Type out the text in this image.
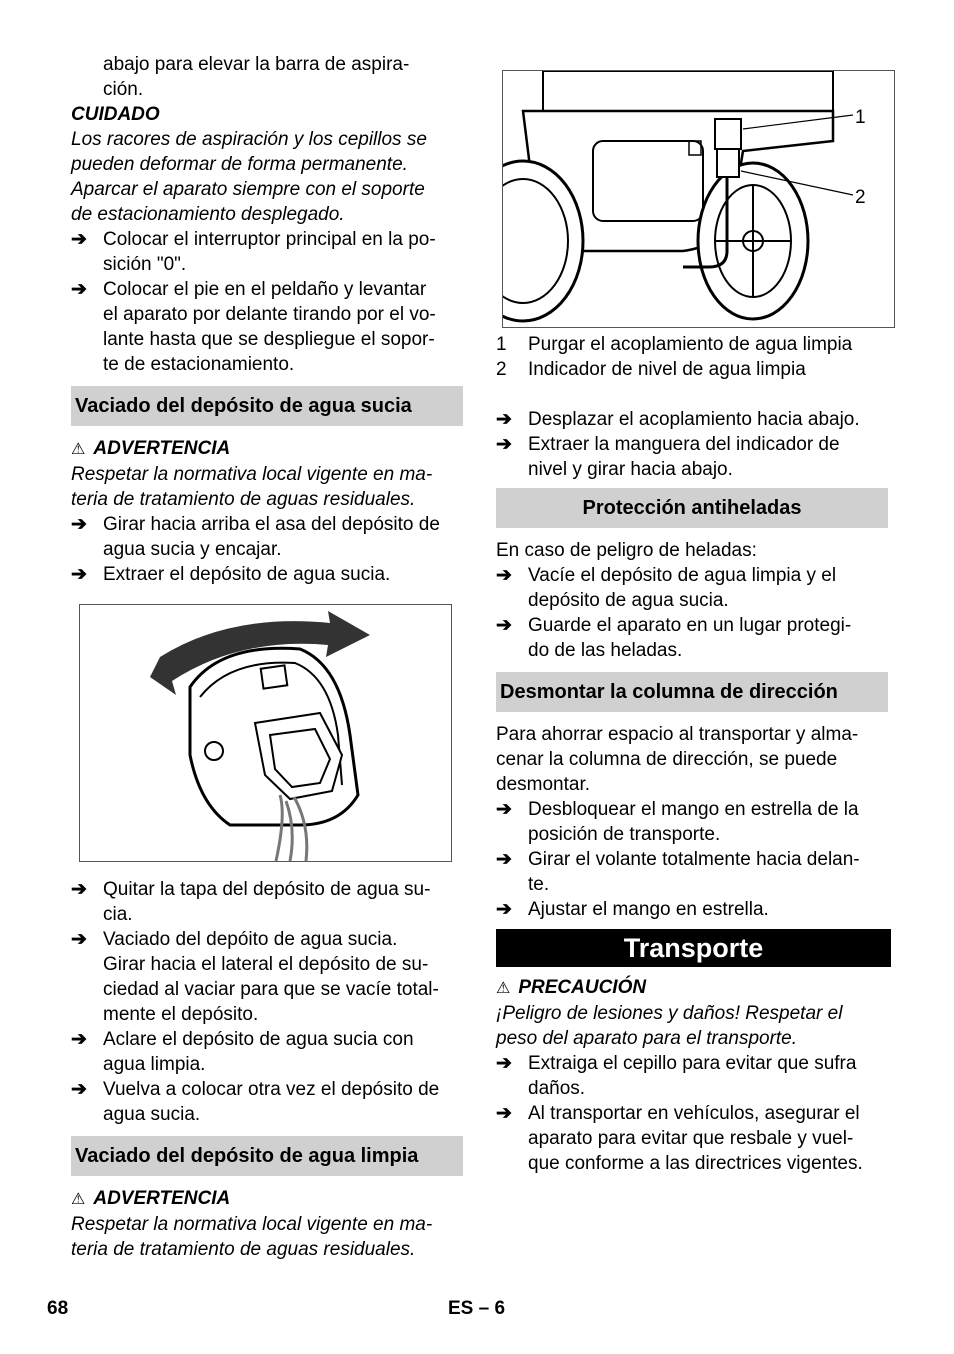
abajo para elevar la barra de aspira-
ción.

CUIDADO

Los racores de aspiración y los cepillos se
pueden deformar de forma permanente.
Aparcar el aparato siempre con el soporte
de estacionamiento desplegado.

➔ Colocar el interruptor principal en la po-
sición "0".
➔ Colocar el pie en el peldaño y levantar
el aparato por delante tirando por el vo-
lante hasta que se despliegue el sopor-
te de estacionamiento.
Vaciado del depósito de agua sucia

⚠ ADVERTENCIA

Respetar la normativa local vigente en ma-
teria de tratamiento de aguas residuales.

➔ Girar hacia arriba el asa del depósito de
agua sucia y encajar.
➔ Extraer el depósito de agua sucia.
➔ Quitar la tapa del depósito de agua su-
cia.
➔ Vaciado del depóito de agua sucia.
Girar hacia el lateral el depósito de su-
ciedad al vaciar para que se vacíe total-
mente el depósito.
➔ Aclare el depósito de agua sucia con
agua limpia.
➔ Vuelva a colocar otra vez el depósito de
agua sucia.
Vaciado del depósito de agua limpia

⚠ ADVERTENCIA

Respetar la normativa local vigente en ma-
teria de tratamiento de aguas residuales.

1
2
1 Purgar el acoplamiento de agua limpia
2 Indicador de nivel de agua limpia
➔ Desplazar el acoplamiento hacia abajo.
➔ Extraer la manguera del indicador de
nivel y girar hacia abajo.
Protección antiheladas

En caso de peligro de heladas:

➔ Vacíe el depósito de agua limpia y el
depósito de agua sucia.
➔ Guarde el aparato en un lugar protegi-
do de las heladas.
Desmontar la columna de dirección

Para ahorrar espacio al transportar y alma-
cenar la columna de dirección, se puede
desmontar.

➔ Desbloquear el mango en estrella de la
posición de transporte.
➔ Girar el volante totalmente hacia delan-
te.
➔ Ajustar el mango en estrella.
Transporte

⚠ PRECAUCIÓN

¡Peligro de lesiones y daños! Respetar el
peso del aparato para el transporte.

➔ Extraiga el cepillo para evitar que sufra
daños.
➔ Al transportar en vehículos, asegurar el
aparato para evitar que resbale y vuel-
que conforme a las directrices vigentes.
68	ES – 6
